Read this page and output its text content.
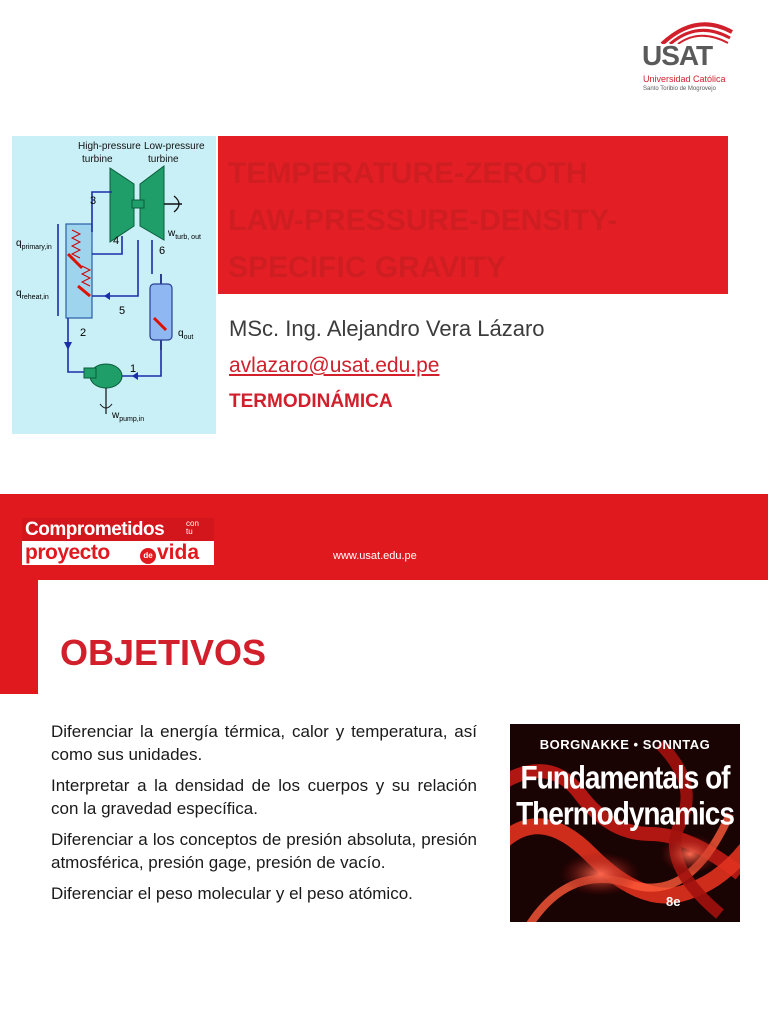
USAT
Universidad Católica
Santo Toribio de Mogrovejo
High-pressure
turbine
Low-pressure
turbine
3
4
5
6
2
1
$q_{primary,in}$
$q_{reheat,in}$
$w_{turb, out}$
$q_{out}$
$w_{pump,in}$
TEMPERATURE-ZEROTH
LAW-PRESSURE-DENSITY-
SPECIFIC GRAVITY
MSc. Ing. Alejandro Vera Lázaro
avlazaro@usat.edu.pe
TERMODINÁMICA
Comprometidos	con
tu
proyecto	de vida	www.usat.edu.pe
OBJETIVOS
Diferenciar la energía térmica, calor y temperatura, así como sus unidades.
Interpretar a la densidad de los cuerpos y su relación con la gravedad específica.
Diferenciar a los conceptos de presión absoluta, presión atmosférica, presión gage, presión de vacío.
Diferenciar el peso molecular y el peso atómico.
BORGNAKKE • SONNTAG
Fundamentals of
Thermodynamics
8e
